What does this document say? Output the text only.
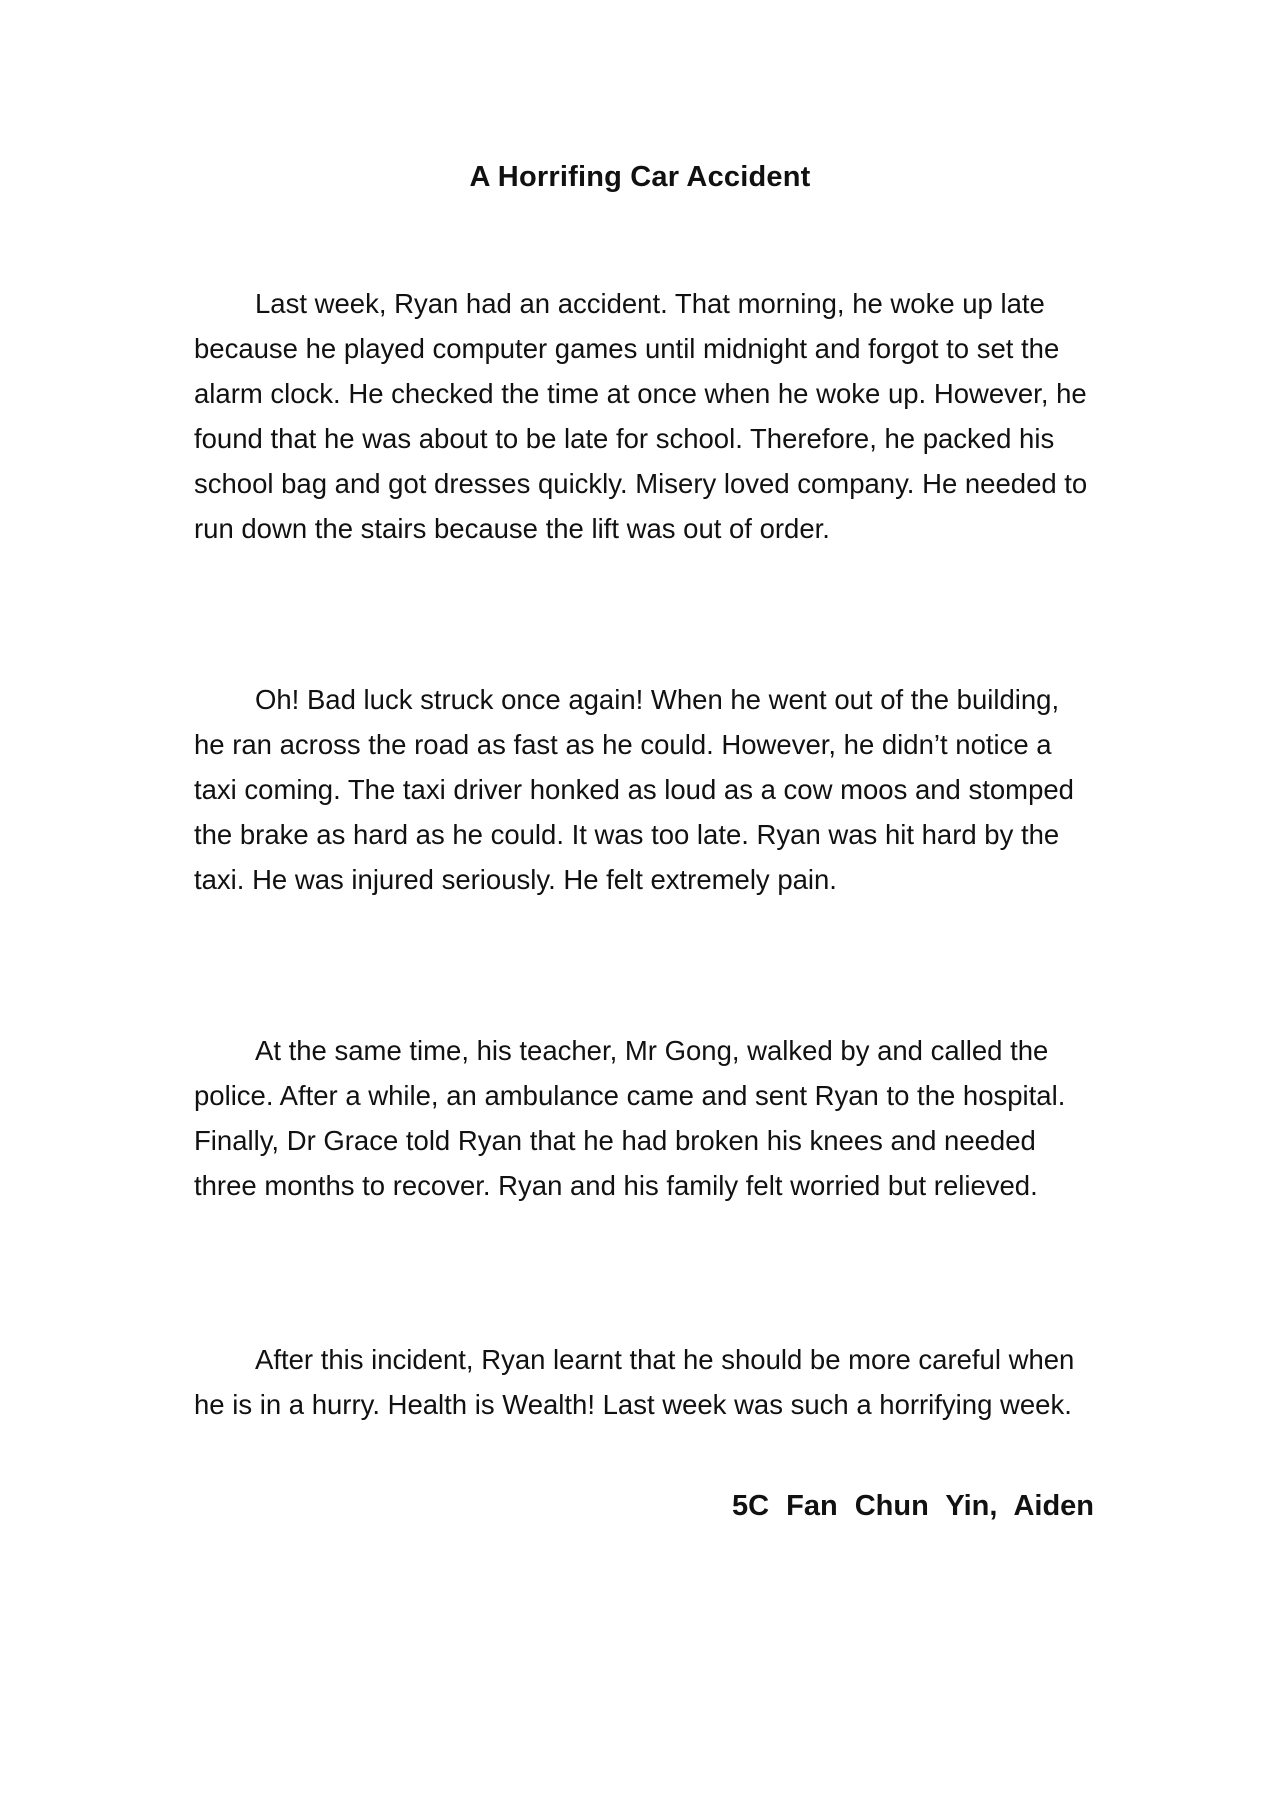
A Horrifing Car Accident

Last week, Ryan had an accident. That morning, he woke up late because he played computer games until midnight and forgot to set the alarm clock. He checked the time at once when he woke up. However, he found that he was about to be late for school. Therefore, he packed his school bag and got dresses quickly. Misery loved company. He needed to run down the stairs because the lift was out of order.

Oh! Bad luck struck once again! When he went out of the building, he ran across the road as fast as he could. However, he didn’t notice a taxi coming. The taxi driver honked as loud as a cow moos and stomped the brake as hard as he could. It was too late. Ryan was hit hard by the taxi. He was injured seriously. He felt extremely pain.

At the same time, his teacher, Mr Gong, walked by and called the police. After a while, an ambulance came and sent Ryan to the hospital. Finally, Dr Grace told Ryan that he had broken his knees and needed three months to recover. Ryan and his family felt worried but relieved.

After this incident, Ryan learnt that he should be more careful when he is in a hurry. Health is Wealth! Last week was such a horrifying week.

5C Fan Chun Yin, Aiden
